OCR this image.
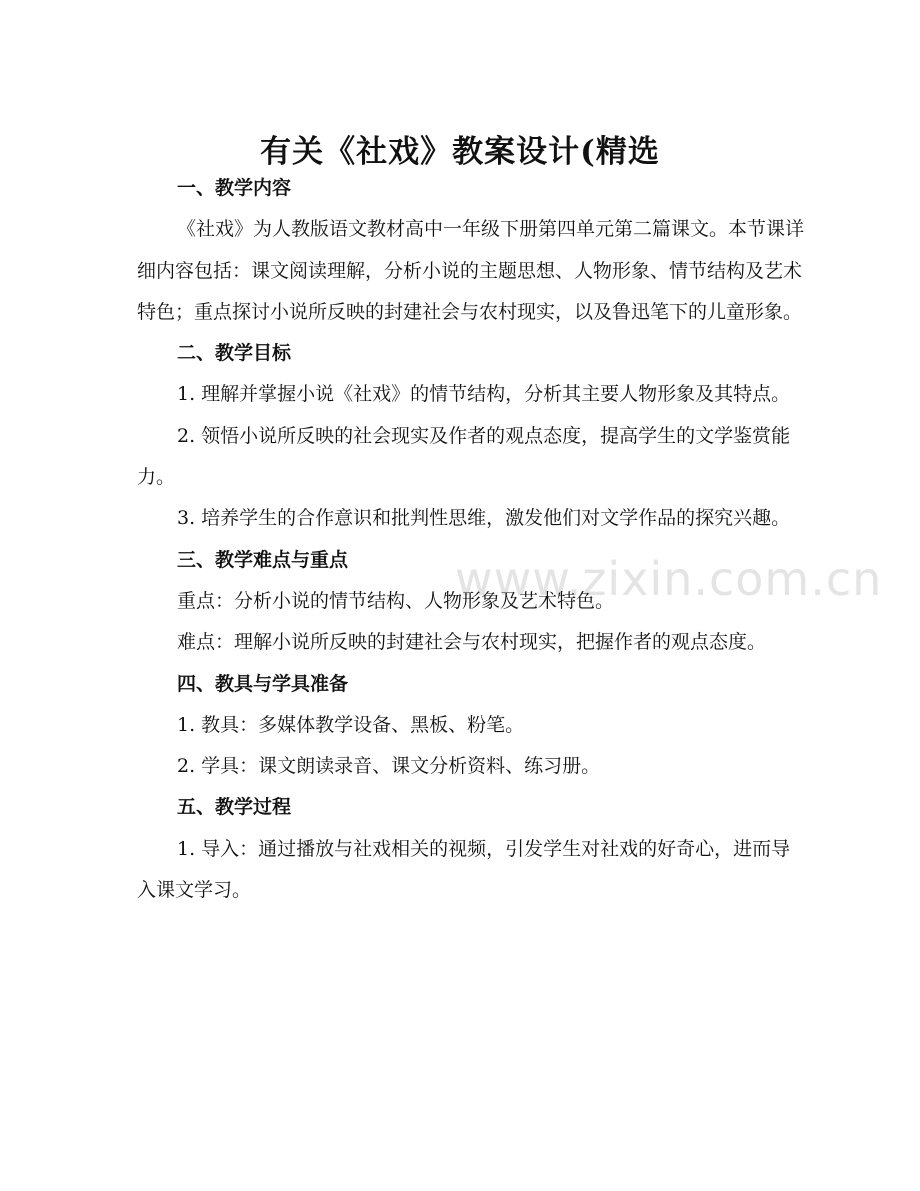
www.zixin.com.cn
有关《社戏》教案设计(精选

一、教学内容

《社戏》为人教版语文教材高中一年级下册第四单元第二篇课文。本节课详细内容包括：课文阅读理解，分析小说的主题思想、人物形象、情节结构及艺术特色；重点探讨小说所反映的封建社会与农村现实，以及鲁迅笔下的儿童形象。

二、教学目标

1. 理解并掌握小说《社戏》的情节结构，分析其主要人物形象及其特点。

2. 领悟小说所反映的社会现实及作者的观点态度，提高学生的文学鉴赏能力。

3. 培养学生的合作意识和批判性思维，激发他们对文学作品的探究兴趣。

三、教学难点与重点

重点：分析小说的情节结构、人物形象及艺术特色。

难点：理解小说所反映的封建社会与农村现实，把握作者的观点态度。

四、教具与学具准备

1. 教具：多媒体教学设备、黑板、粉笔。

2. 学具：课文朗读录音、课文分析资料、练习册。

五、教学过程

1. 导入：通过播放与社戏相关的视频，引发学生对社戏的好奇心，进而导入课文学习。
